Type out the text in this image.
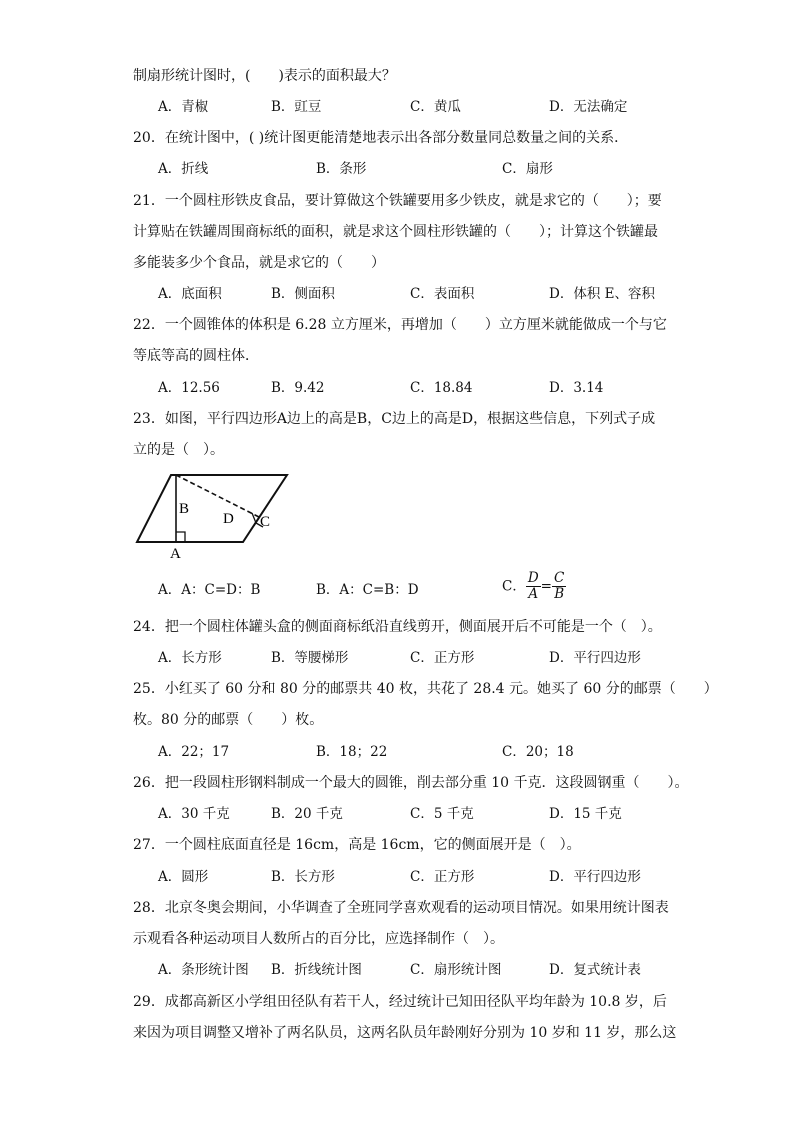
制扇形统计图时，(　　)表示的面积最大？
A．青椒	B．豇豆	C．黄瓜	D．无法确定
20．在统计图中，( )统计图更能清楚地表示出各部分数量同总数量之间的关系．
A．折线	B．条形	C．扇形
21．一个圆柱形铁皮食品，要计算做这个铁罐要用多少铁皮，就是求它的（　　）；要
计算贴在铁罐周围商标纸的面积，就是求这个圆柱形铁罐的（　　）；计算这个铁罐最
多能装多少个食品，就是求它的（　　）
A．底面积	B．侧面积	C．表面积	D．体积 E、容积
22．一个圆锥体的体积是 6.28 立方厘米，再增加（　　）立方厘米就能做成一个与它
等底等高的圆柱体．
A．12.56	B．9.42	C．18.84	D．3.14
23．如图，平行四边形A边上的高是B，C边上的高是D，根据这些信息，下列式子成
立的是（　）。
B
D C
A
A．A：C=D：B	B．A：C=B：D	C． $\frac{D}{A} = \frac{C}{B}$
24．把一个圆柱体罐头盒的侧面商标纸沿直线剪开，侧面展开后不可能是一个（　）。
A．长方形	B．等腰梯形	C．正方形	D．平行四边形
25．小红买了 60 分和 80 分的邮票共 40 枚，共花了 28.4 元。她买了 60 分的邮票（　　）
枚。80 分的邮票（　　）枚。
A．22；17	B．18；22	C．20；18
26．把一段圆柱形钢料制成一个最大的圆锥，削去部分重 10 千克．这段圆钢重（　　）。
A．30 千克	B．20 千克	C．5 千克	D．15 千克
27．一个圆柱底面直径是 16cm，高是 16cm，它的侧面展开是（　）。
A．圆形	B．长方形	C．正方形	D．平行四边形
28．北京冬奥会期间，小华调查了全班同学喜欢观看的运动项目情况。如果用统计图表
示观看各种运动项目人数所占的百分比，应选择制作（　）。
A．条形统计图 B．折线统计图	C．扇形统计图	D．复式统计表
29．成都高新区小学组田径队有若干人，经过统计已知田径队平均年龄为 10.8 岁，后
来因为项目调整又增补了两名队员，这两名队员年龄刚好分别为 10 岁和 11 岁，那么这
